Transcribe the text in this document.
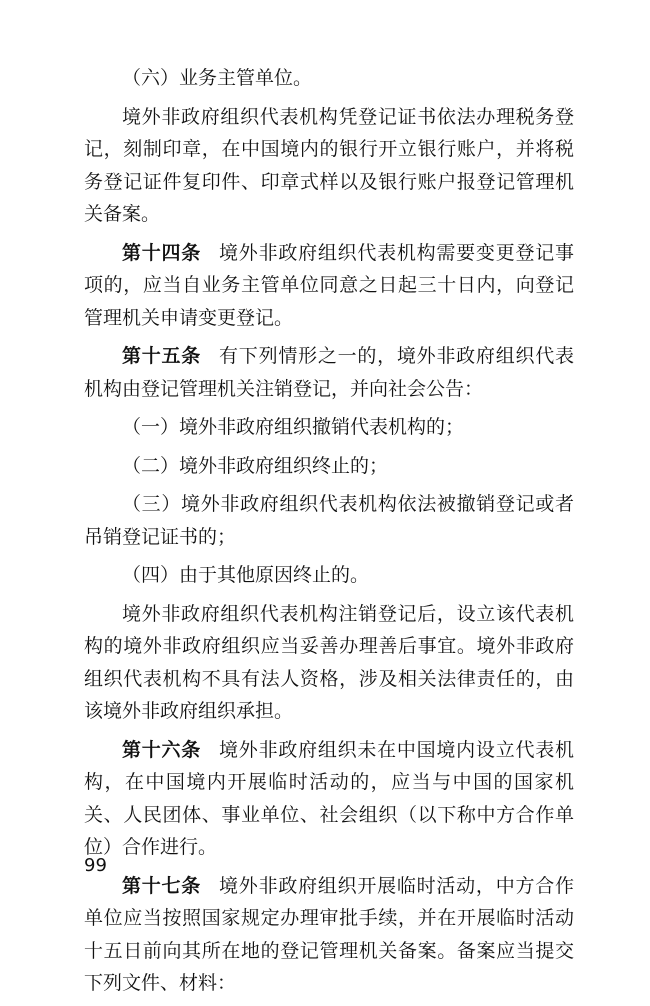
（六）业务主管单位。

境外非政府组织代表机构凭登记证书依法办理税务登记，刻制印章，在中国境内的银行开立银行账户，并将税务登记证件复印件、印章式样以及银行账户报登记管理机关备案。

第十四条 境外非政府组织代表机构需要变更登记事项的，应当自业务主管单位同意之日起三十日内，向登记管理机关申请变更登记。

第十五条 有下列情形之一的，境外非政府组织代表机构由登记管理机关注销登记，并向社会公告：

（一）境外非政府组织撤销代表机构的；

（二）境外非政府组织终止的；

（三）境外非政府组织代表机构依法被撤销登记或者吊销登记证书的；

（四）由于其他原因终止的。

境外非政府组织代表机构注销登记后，设立该代表机构的境外非政府组织应当妥善办理善后事宜。境外非政府组织代表机构不具有法人资格，涉及相关法律责任的，由该境外非政府组织承担。

第十六条 境外非政府组织未在中国境内设立代表机构，在中国境内开展临时活动的，应当与中国的国家机关、人民团体、事业单位、社会组织（以下称中方合作单位）合作进行。

第十七条 境外非政府组织开展临时活动，中方合作单位应当按照国家规定办理审批手续，并在开展临时活动十五日前向其所在地的登记管理机关备案。备案应当提交下列文件、材料：

99
